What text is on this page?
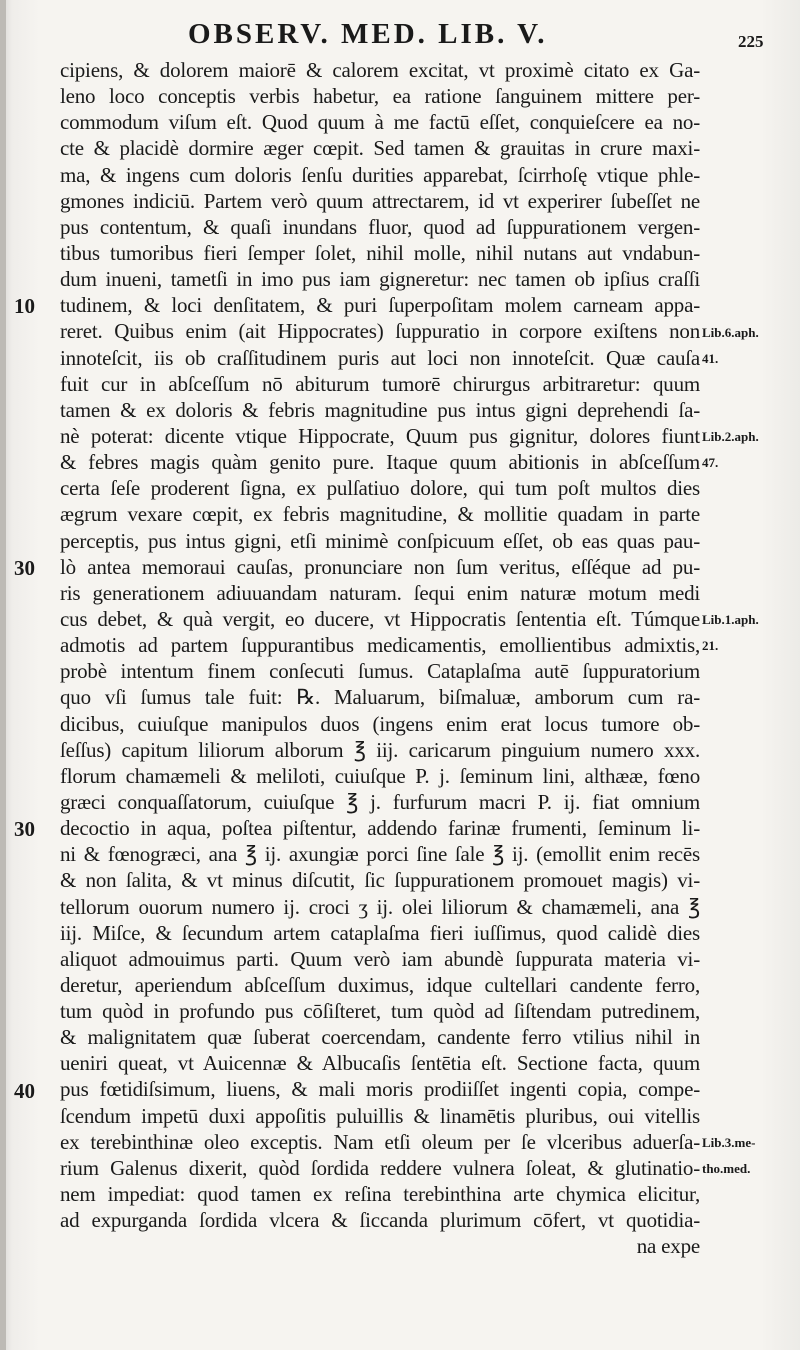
OBSERV. MED. LIB. V.	225
10
30
30
40
cipiens, & dolorem maiorē & calorem excitat, vt proximè citato ex Ga-
leno loco conceptis verbis habetur, ea ratione ſanguinem mittere per-
commodum viſum eſt. Quod quum à me factū eſſet, conquieſcere ea no-
cte & placidè dormire æger cœpit. Sed tamen & grauitas in crure maxi-
ma, & ingens cum doloris ſenſu durities apparebat, ſcirrhoſę vtique phle-
gmones indiciū. Partem verò quum attrectarem, id vt experirer ſubeſſet ne
pus contentum, & quaſi inundans fluor, quod ad ſuppurationem vergen-
tibus tumoribus fieri ſemper ſolet, nihil molle, nihil nutans aut vndabun-
dum inueni, tametſi in imo pus iam gigneretur: nec tamen ob ipſius craſſi
tudinem, & loci denſitatem, & puri ſuperpoſitam molem carneam appa-
reret. Quibus enim (ait Hippocrates) ſuppuratio in corpore exiſtens non
innoteſcit, iis ob craſſitudinem puris aut loci non innoteſcit. Quæ cauſa
fuit cur in abſceſſum nō abiturum tumorē chirurgus arbitraretur: quum
tamen & ex doloris & febris magnitudine pus intus gigni deprehendi ſa-
nè poterat: dicente vtique Hippocrate, Quum pus gignitur, dolores fiunt
& febres magis quàm genito pure. Itaque quum abitionis in abſceſſum
certa ſeſe proderent ſigna, ex pulſatiuo dolore, qui tum poſt multos dies
ægrum vexare cœpit, ex febris magnitudine, & mollitie quadam in parte
perceptis, pus intus gigni, etſi minimè conſpicuum eſſet, ob eas quas pau-
lò antea memoraui cauſas, pronunciare non ſum veritus, eſſéque ad pu-
ris generationem adiuuandam naturam. ſequi enim naturæ motum medi
cus debet, & quà vergit, eo ducere, vt Hippocratis ſententia eſt. Túmque
admotis ad partem ſuppurantibus medicamentis, emollientibus admixtis,
probè intentum finem conſecuti ſumus. Cataplaſma autē ſuppuratorium
quo vſi ſumus tale fuit: ℞. Maluarum, biſmaluæ, amborum cum ra-
dicibus, cuiuſque manipulos duos (ingens enim erat locus tumore ob-
ſeſſus) capitum liliorum alborum ℥ iij. caricarum pinguium numero xxx.
florum chamæmeli & meliloti, cuiuſque P. j. ſeminum lini, althææ, fœno
græci conquaſſatorum, cuiuſque ℥ j. furfurum macri P. ij. fiat omnium
decoctio in aqua, poſtea piſtentur, addendo farinæ frumenti, ſeminum li-
ni & fœnogræci, ana ℥ ij. axungiæ porci ſine ſale ℥ ij. (emollit enim recēs
& non ſalita, & vt minus diſcutit, ſic ſuppurationem promouet magis) vi-
tellorum ouorum numero ij. croci ʒ ij. olei liliorum & chamæmeli, ana ℥
iij. Miſce, & ſecundum artem cataplaſma fieri iuſſimus, quod calidè dies
aliquot admouimus parti. Quum verò iam abundè ſuppurata materia vi-
deretur, aperiendum abſceſſum duximus, idque cultellari candente ferro,
tum quòd in profundo pus cōſiſteret, tum quòd ad ſiſtendam putredinem,
& malignitatem quæ ſuberat coercendam, candente ferro vtilius nihil in
ueniri queat, vt Auicennæ & Albucaſis ſentētia eſt. Sectione facta, quum
pus fœtidiſsimum, liuens, & mali moris prodiiſſet ingenti copia, compe-
ſcendum impetū duxi appoſitis puluillis & linamētis pluribus, oui vitellis
ex terebinthinæ oleo exceptis. Nam etſi oleum per ſe vlceribus aduerſa-
rium Galenus dixerit, quòd ſordida reddere vulnera ſoleat, & glutinatio-
nem impediat: quod tamen ex reſina terebinthina arte chymica elicitur,
ad expurganda ſordida vlcera & ſiccanda plurimum cōfert, vt quotidia-
na expe
Lib.6.aph.
41.
Lib.2.aph.
47.
Lib.1.aph.
21.
Lib.3.me-
tho.med.
